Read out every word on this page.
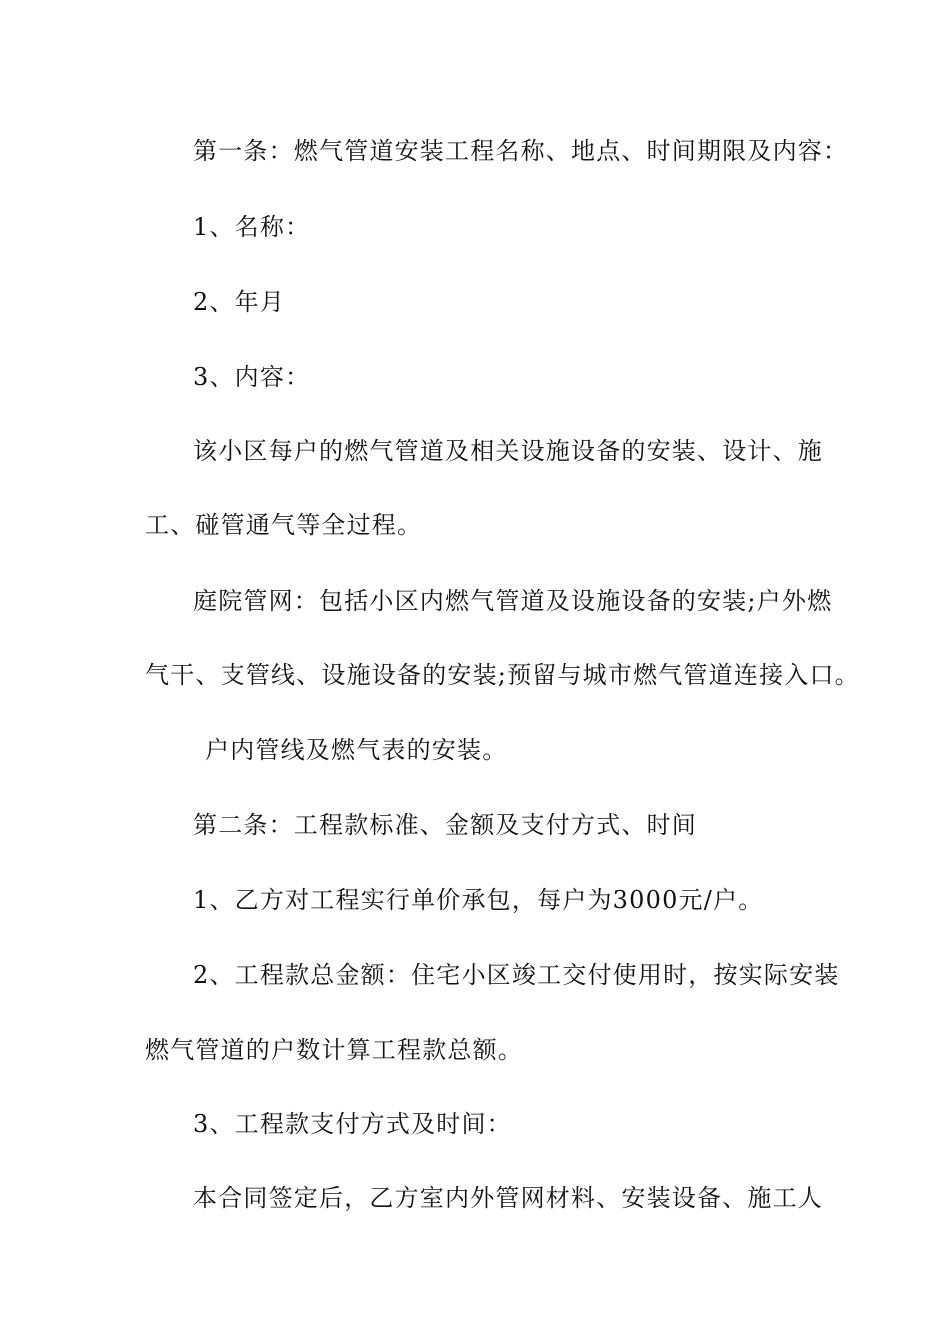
第一条：燃气管道安装工程名称、地点、时间期限及内容：
1、名称：
2、年月
3、内容：
该小区每户的燃气管道及相关设施设备的安装、设计、施
工、碰管通气等全过程。
庭院管网：包括小区内燃气管道及设施设备的安装;户外燃
气干、支管线、设施设备的安装;预留与城市燃气管道连接入口。
户内管线及燃气表的安装。
第二条：工程款标准、金额及支付方式、时间
1、乙方对工程实行单价承包，每户为3000元/户。
2、工程款总金额：住宅小区竣工交付使用时，按实际安装
燃气管道的户数计算工程款总额。
3、工程款支付方式及时间：
本合同签定后，乙方室内外管网材料、安装设备、施工人
